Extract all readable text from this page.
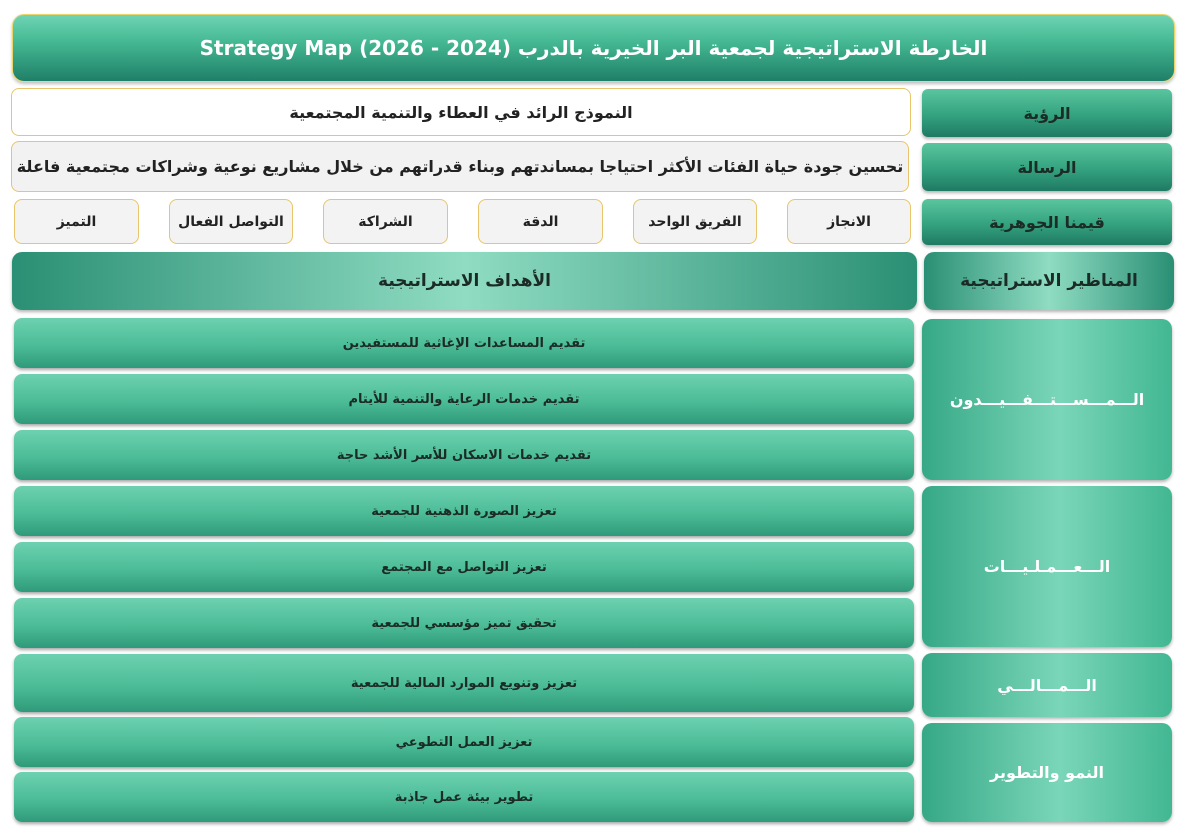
الخارطة الاستراتيجية لجمعية البر الخيرية بالدرب (2024 - 2026) Strategy Map
الرؤية
النموذج الرائد في العطاء والتنمية المجتمعية
الرسالة
تحسين جودة حياة الفئات الأكثر احتياجا بمساندتهم وبناء قدراتهم من خلال مشاريع نوعية وشراكات مجتمعية فاعلة
قيمنا الجوهرية
الانجاز
الفريق الواحد
الدقة
الشراكة
التواصل الفعال
التميز
الأهداف الاستراتيجية	المناظير الاستراتيجية
الـــمـــســـتـــفـــيـــدون
الـــعـــمـلـيـــات
الـــمـــالـــي
النمو والتطوير
تقديم المساعدات الإغاثية للمستفيدين
تقديم خدمات الرعاية والتنمية للأيتام
تقديم خدمات الاسكان للأسر الأشد حاجة
تعزيز الصورة الذهنية للجمعية
تعزيز التواصل مع المجتمع
تحقيق تميز مؤسسي للجمعية
تعزيز وتنويع الموارد المالية للجمعية
تعزيز العمل التطوعي
تطوير بيئة عمل جاذبة
